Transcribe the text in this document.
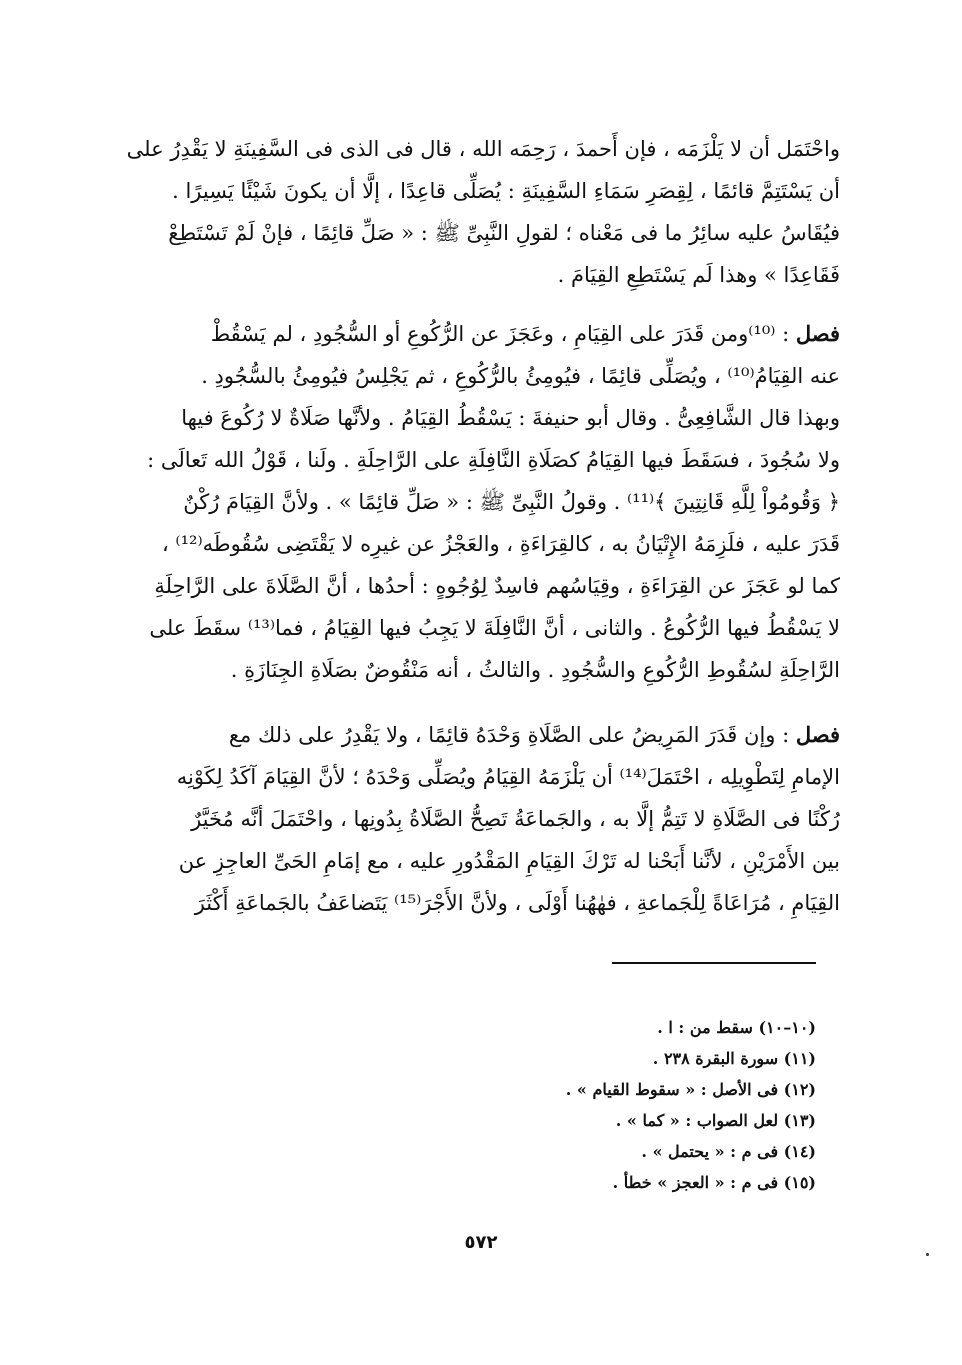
واحْتَمَل أن لا يَلْزَمَه ، فإن أَحمدَ ، رَحِمَه الله ، قال فى الذى فى السَّفِينَةِ لا يَقْدِرُ على
أن يَسْتَتِمَّ قائمًا ، لِقِصَرِ سَمَاءِ السَّفِينَةِ : يُصَلِّى قاعِدًا ، إلَّا أن يكونَ شَيْئًا يَسِيرًا .
فيُقَاسُ عليه سائِرُ ما فى مَعْناه ؛ لقولِ النَّبِىِّ ﷺ : « صَلِّ قائِمًا ، فإنْ لَمْ تَسْتَطِعْ
فَقَاعِدًا » وهذا لَم يَسْتَطِعِ القِيَامَ .
فصل : ⁽¹⁰⁾ومن قَدَرَ على القِيَامِ ، وعَجَزَ عن الرُّكُوعِ أو السُّجُودِ ، لم يَسْقُطْ
عنه القِيَامُ⁽¹⁰⁾ ، ويُصَلِّى قائِمًا ، فيُومِئُ بالرُّكُوعِ ، ثم يَجْلِسُ فيُومِئُ بالسُّجُودِ .
وبهذا قال الشَّافِعِىُّ . وقال أبو حنيفةَ : يَسْقُطُ القِيَامُ . ولأنَّها صَلَاةٌ لا رُكُوعَ فيها
ولا سُجُودَ ، فسَقَطَ فيها القِيَامُ كصَلَاةِ النَّافِلَةِ على الرَّاحِلَةِ . ولَنا ، قَوْلُ الله تَعالَى :
﴿ وَقُومُواْ لِلَّهِ قَانِتِينَ ﴾⁽¹¹⁾ . وقولُ النَّبِىِّ ﷺ : « صَلِّ قائِمًا » . ولأنَّ القِيَامَ رُكْنٌ
قَدَرَ عليه ، فلَزِمَهُ الإِتْيَانُ به ، كالقِرَاءَةِ ، والعَجْزُ عن غيرِه لا يَقْتَضِى سُقُوطَه⁽¹²⁾ ،
كما لو عَجَزَ عن القِرَاءَةِ ، وقِيَاسُهم فاسِدٌ لِوُجُوهٍ : أحدُها ، أنَّ الصَّلَاةَ على الرَّاحِلَةِ
لا يَسْقُطُ فيها الرُّكُوعُ . والثانى ، أنَّ النَّافِلَةَ لا يَجِبُ فيها القِيَامُ ، فما⁽¹³⁾ سقَطَ على
الرَّاحِلَةِ لسُقُوطِ الرُّكُوعِ والسُّجُودِ . والثالثُ ، أنه مَنْقُوضٌ بصَلَاةِ الجِنَازَةِ .
فصل : وإن قَدَرَ المَرِيضُ على الصَّلَاةِ وَحْدَهُ قائِمًا ، ولا يَقْدِرُ على ذلك مع
الإمامِ لِتَطْوِيلِه ، احْتَمَلَ⁽¹⁴⁾ أن يَلْزَمَهُ القِيَامُ ويُصَلِّى وَحْدَهُ ؛ لأنَّ القِيَامَ آكَدُ لِكَوْنِه
رُكْنًا فى الصَّلَاةِ لا تَتِمُّ إلَّا به ، والجَماعَةُ تَصِحُّ الصَّلَاةُ بِدُونِها ، واحْتَمَلَ أنَّه مُخَيَّرٌ
بين الأَمْرَيْنِ ، لأنَّنا أَبَحْنا له تَرْكَ القِيَامِ المَقْدُورِ عليه ، مع إمَامِ الحَىِّ العاجِزِ عن
القِيَامِ ، مُرَاعَاةً لِلْجَماعةِ ، فهٰهُنا أَوْلَى ، ولأنَّ الأَجْرَ⁽¹⁵⁾ يَتَضاعَفُ بالجَماعَةِ أَكْثَرَ
(١٠–١٠) سقط من : ا .
(١١) سورة البقرة ٢٣٨ .
(١٢) فى الأصل : « سقوط القيام » .
(١٣) لعل الصواب : « كما » .
(١٤) فى م : « يحتمل » .
(١٥) فى م : « العجز » خطأ .
٥٧٢
